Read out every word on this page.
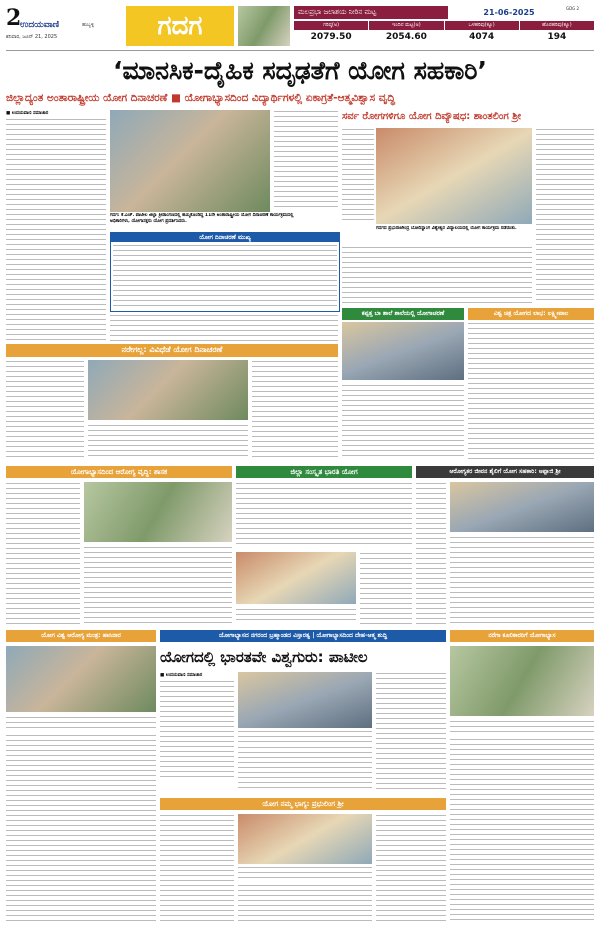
2
ಉದಯವಾಣಿ	ಹುಬ್ಬಳ್ಳಿ
ಶನಿವಾರ, ಜೂನ್ 21, 2025	ಗದಗ	ಮಲಪ್ರಭಾ ಜಲಾಶಯ ನೀರಿನ ಮಟ್ಟ	21-06-2025	GDG 2
ಗರಿಷ್ಠ(ಅ)
2079.50
ಇಂದಿನ ಮಟ್ಟ(ಅ)
2054.60
ಒಳಹರಿವು(ಕ್ಯೂ)
4074
ಹೊರಹರಿವು(ಕ್ಯೂ)
194
‘ಮಾನಸಿಕ-ದೈಹಿಕ ಸದೃಢತೆಗೆ ಯೋಗ ಸಹಕಾರಿ’
ಜಿಲ್ಲಾದ್ಯಂತ ಅಂತಾರಾಷ್ಟ್ರೀಯ ಯೋಗ ದಿನಾಚರಣೆ ■ ಯೋಗಾಭ್ಯಾಸದಿಂದ ವಿದ್ಯಾರ್ಥಿಗಳಲ್ಲಿ ಏಕಾಗ್ರತೆ-ಆತ್ಮವಿಶ್ವಾಸ ವೃದ್ಧಿ
■ ಉದಯವಾಣಿ ಸಮಾಚಾರ
ಗದಗ: ಕೆ.ಎಚ್. ಪಾಟೀಲ ಜಿಲ್ಲಾ ಕ್ರೀಡಾಂಗಣದಲ್ಲಿ ಹಮ್ಮಿಕೊಂಡಿದ್ದ 11ನೇ ಅಂತಾರಾಷ್ಟ್ರೀಯ ಯೋಗ ದಿನಾಚರಣೆ ಕಾರ್ಯಕ್ರಮದಲ್ಲಿ ಅಧಿಕಾರಿಗಳು, ಯೋಗಾಸಕ್ತರು ಯೋಗ ಪ್ರದರ್ಶಿಸಿದರು.
ಯೋಗ ದಿನಾಚರಣೆ ಮುಖ್ಯ
ಸರ್ವ ರೋಗಗಳಿಗೂ ಯೋಗ ದಿವ್ಯೌಷಧ: ಶಾಂತಲಿಂಗ ಶ್ರೀ
ಗದಗದ ಪ್ರಭುರಾಜೇಂದ್ರ ಬೋದಿಸ್ಥಾಂಗ ವಿಶ್ವೇಶ್ವರ ವಿದ್ಯಾಲಯದಲ್ಲಿ ಯೋಗ ಕಾರ್ಯಕ್ರಮ ನಡೆಯಿತು.
ಕಪ್ಪತ್ತ ಬಾ ಶಾಲೆ ಶಾಲೆಯಲ್ಲಿ ಯೋಗಾಚರಣೆ	ವಿಶ್ವ ಚಿತ್ರ ಯೋಗದ ಲಾಭ: ಲಕ್ಷ್ಮೀಪಾಲ
ನರೇಗಲ್ಲ: ವಿವಿಧೆಡೆ ಯೋಗ ದಿನಾಚರಣೆ
ಯೋಗಾಭ್ಯಾಸದಿಂದ ಆರೋಗ್ಯ ವೃದ್ಧಿ: ಶಾಸಕ	ಜಿಲ್ಲಾ ಸಂಸ್ಕೃತ ಭಾರತಿ ಯೋಗ	ಆರೋಗ್ಯಕರ ಜೀವನ ಶೈಲಿಗೆ ಯೋಗ ಸಹಕಾರಿ: ಅಪ್ಪಾಜಿ ಶ್ರೀ
ಯೋಗ ವಿಶ್ವ ಆರೋಗ್ಯ ಮಂತ್ರ: ಹಾಸಿನಾರ	ಯೋಗಾಭ್ಯಾಸದ ನಗರಂದ ಬ್ರಹ್ಮಾಂಡದ ವಿಸ್ತಾರತ್ವ | ಯೋಗಾಭ್ಯಾಸದಿಂದ ದೇಹ-ಆತ್ಮ ಶುದ್ಧಿ	ನರೆಗಾ ಕೂಲಿಕಾರರಿಗೆ ಯೋಗಾಭ್ಯಾಸ
ಯೋಗದಲ್ಲಿ ಭಾರತವೇ ವಿಶ್ವಗುರು: ಪಾಟೀಲ
■ ಉದಯವಾಣಿ ಸಮಾಚಾರ
ಯೋಗ ನಮ್ಮ ಭಾಗ್ಯ: ಪ್ರಭುಲಿಂಗ ಶ್ರೀ
